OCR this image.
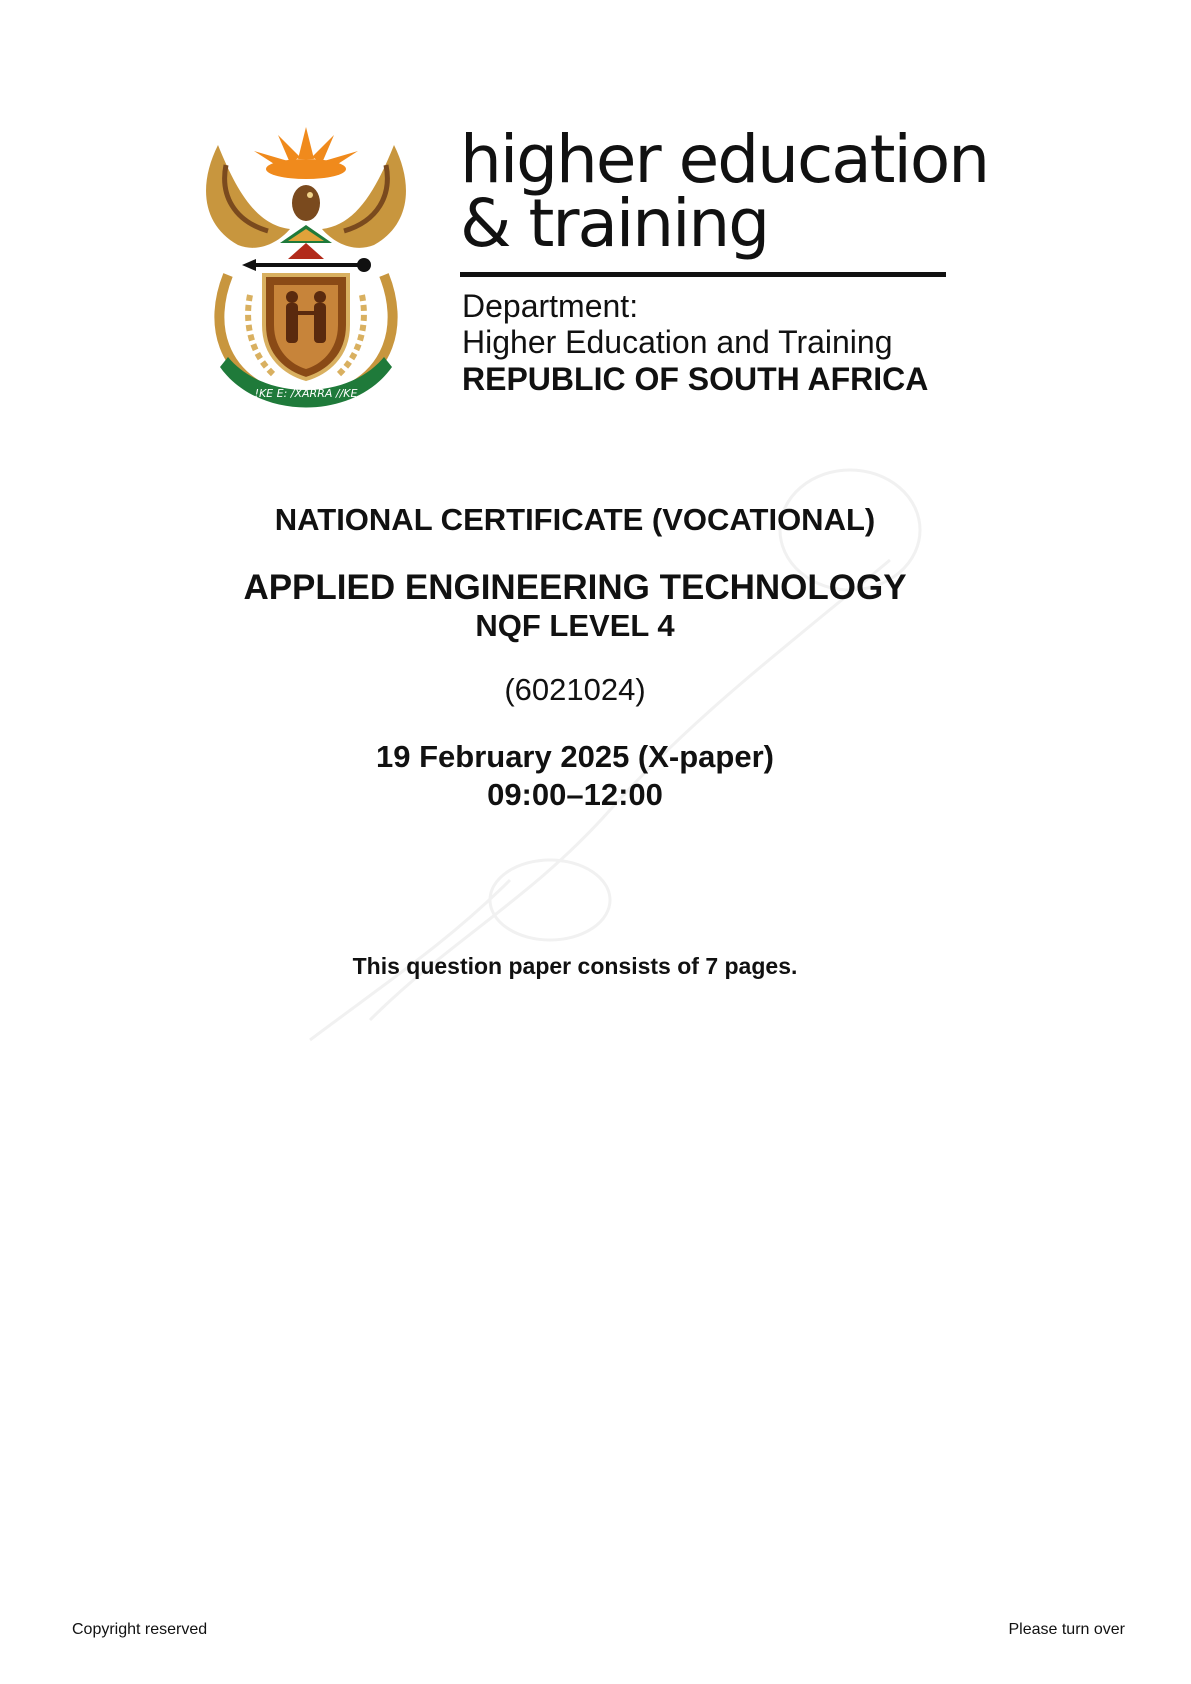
!KE E: /XARRA //KE
higher education
& training
Department:
Higher Education and Training
REPUBLIC OF SOUTH AFRICA
NATIONAL CERTIFICATE (VOCATIONAL)
APPLIED ENGINEERING TECHNOLOGY
NQF LEVEL 4
(6021024)
19 February 2025 (X-paper)
09:00–12:00
This question paper consists of 7 pages.
Copyright reserved	Please turn over
